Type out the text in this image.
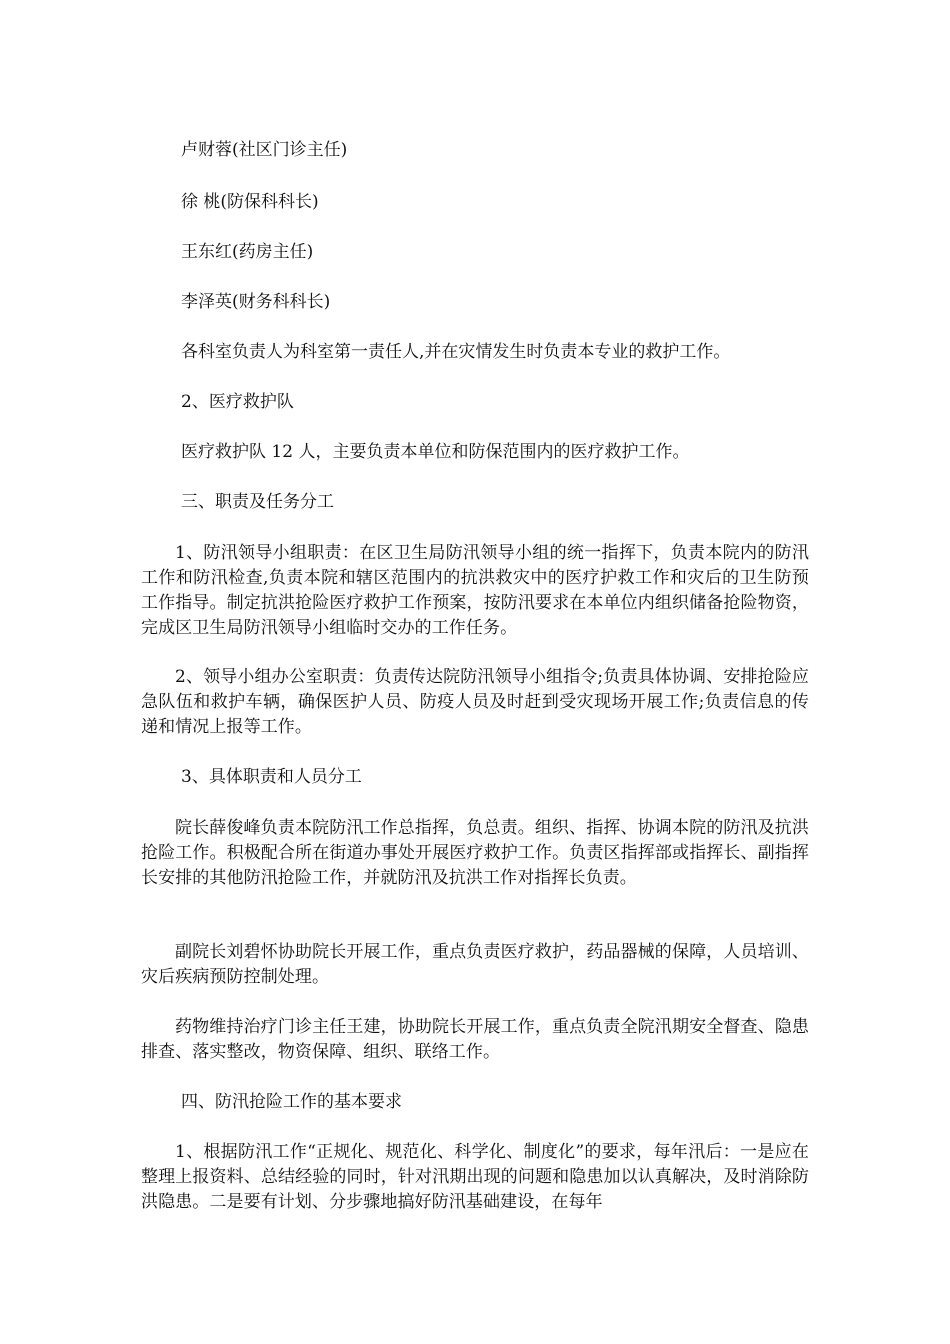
卢财蓉(社区门诊主任)
徐 桃(防保科科长)
王东红(药房主任)
李泽英(财务科科长)
各科室负责人为科室第一责任人,并在灾情发生时负责本专业的救护工作。
2、医疗救护队
医疗救护队 12 人，主要负责本单位和防保范围内的医疗救护工作。
三、职责及任务分工
1、防汛领导小组职责：在区卫生局防汛领导小组的统一指挥下，负责本院内的防汛工作和防汛检查,负责本院和辖区范围内的抗洪救灾中的医疗护救工作和灾后的卫生防预工作指导。制定抗洪抢险医疗救护工作预案，按防汛要求在本单位内组织储备抢险物资，完成区卫生局防汛领导小组临时交办的工作任务。
2、领导小组办公室职责：负责传达院防汛领导小组指令;负责具体协调、安排抢险应急队伍和救护车辆，确保医护人员、防疫人员及时赶到受灾现场开展工作;负责信息的传递和情况上报等工作。
3、具体职责和人员分工
院长薛俊峰负责本院防汛工作总指挥，负总责。组织、指挥、协调本院的防汛及抗洪抢险工作。积极配合所在街道办事处开展医疗救护工作。负责区指挥部或指挥长、副指挥长安排的其他防汛抢险工作，并就防汛及抗洪工作对指挥长负责。
副院长刘碧怀协助院长开展工作，重点负责医疗救护，药品器械的保障，人员培训、灾后疾病预防控制处理。
药物维持治疗门诊主任王建，协助院长开展工作，重点负责全院汛期安全督查、隐患排查、落实整改，物资保障、组织、联络工作。
四、防汛抢险工作的基本要求
1、根据防汛工作“正规化、规范化、科学化、制度化”的要求，每年汛后：一是应在整理上报资料、总结经验的同时，针对汛期出现的问题和隐患加以认真解决，及时消除防洪隐患。二是要有计划、分步骤地搞好防汛基础建设，在每年
